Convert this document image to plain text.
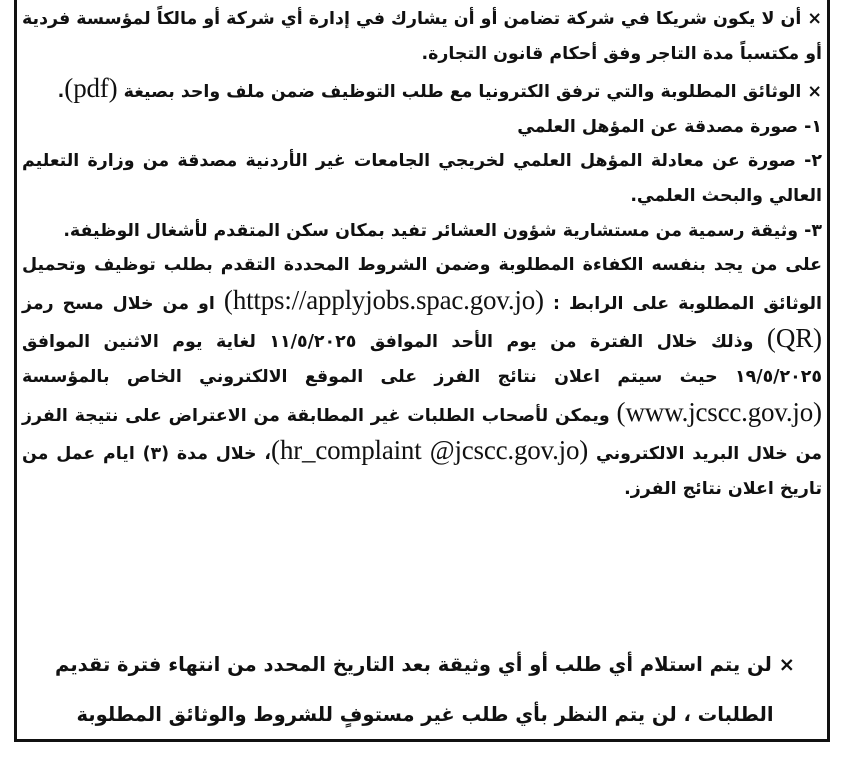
× أن لا يكون شريكا في شركة تضامن أو أن يشارك في إدارة أي شركة أو مالكاً لمؤسسة فردية أو مكتسباً مدة التاجر وفق أحكام قانون التجارة.

× الوثائق المطلوبة والتي ترفق الكترونيا مع طلب التوظيف ضمن ملف واحد بصيغة (pdf).

١- صورة مصدقة عن المؤهل العلمي

٢- صورة عن معادلة المؤهل العلمي لخريجي الجامعات غير الأردنية مصدقة من وزارة التعليم العالي والبحث العلمي.

٣- وثيقة رسمية من مستشارية شؤون العشائر تفيد بمكان سكن المتقدم لأشغال الوظيفة.

على من يجد بنفسه الكفاءة المطلوبة وضمن الشروط المحددة التقدم بطلب توظيف وتحميل الوثائق المطلوبة على الرابط : (https://applyjobs.spac.gov.jo) او من خلال مسح رمز (QR) وذلك خلال الفترة من يوم الأحد الموافق ١١/٥/٢٠٢٥ لغاية يوم الاثنين الموافق ١٩/٥/٢٠٢٥ حيث سيتم اعلان نتائج الفرز على الموقع الالكتروني الخاص بالمؤسسة (www.jcscc.gov.jo) ويمكن لأصحاب الطلبات غير المطابقة من الاعتراض على نتيجة الفرز من خلال البريد الالكتروني (hr_complaint @jcscc.gov.jo)، خلال مدة (٣) ايام عمل من تاريخ اعلان نتائج الفرز.

× لن يتم استلام أي طلب أو أي وثيقة بعد التاريخ المحدد من انتهاء فترة تقديم

الطلبات ، لن يتم النظر بأي طلب غير مستوفٍ للشروط والوثائق المطلوبة
